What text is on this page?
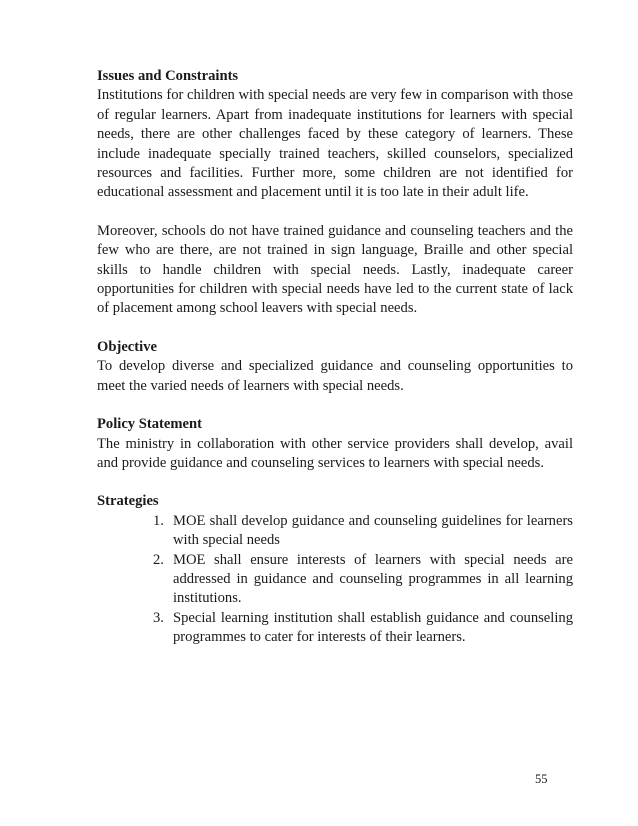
Issues and Constraints

Institutions for children with special needs are very few in comparison with those of regular learners. Apart from inadequate institutions for learners with special needs, there are other challenges faced by these category of learners. These include inadequate specially trained teachers, skilled counselors, specialized resources and facilities. Further more, some children are not identified for educational assessment and placement until it is too late in their adult life.

Moreover, schools do not have trained guidance and counseling teachers and the few who are there, are not trained in sign language, Braille and other special skills to handle children with special needs. Lastly, inadequate career opportunities for children with special needs have led to the current state of lack of placement among school leavers with special needs.

Objective

To develop diverse and specialized guidance and counseling opportunities to meet the varied needs of learners with special needs.

Policy Statement

The ministry in collaboration with other service providers shall develop, avail and provide guidance and counseling services to learners with special needs.

Strategies

1. MOE shall develop guidance and counseling guidelines for learners with special needs
2. MOE shall ensure interests of learners with special needs are addressed in guidance and counseling programmes in all learning institutions.
3. Special learning institution shall establish guidance and counseling programmes to cater for interests of their learners.
55
